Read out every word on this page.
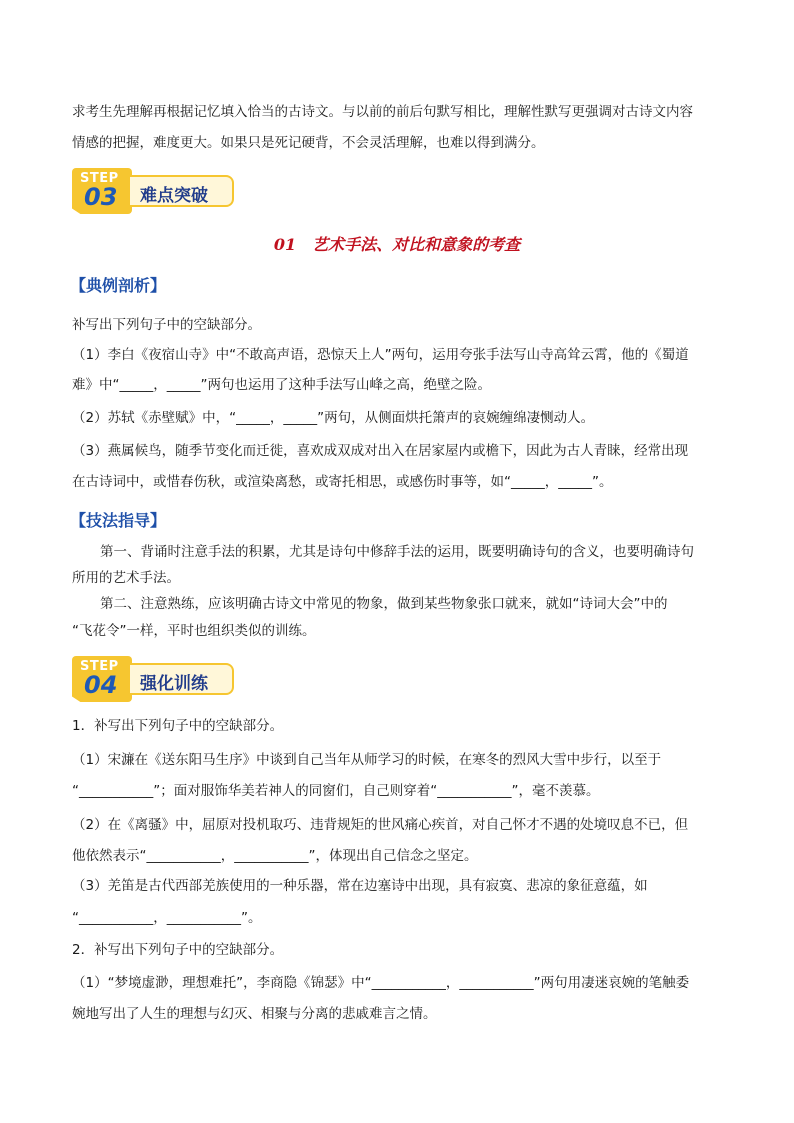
求考生先理解再根据记忆填入恰当的古诗文。与以前的前后句默写相比，理解性默写更强调对古诗文内容
情感的把握，难度更大。如果只是死记硬背，不会灵活理解，也难以得到满分。
STEP
03 难点突破
01　艺术手法、对比和意象的考查
【典例剖析】
补写出下列句子中的空缺部分。
（1）李白《夜宿山寺》中“不敢高声语，恐惊天上人”两句，运用夸张手法写山寺高耸云霄，他的《蜀道
难》中“_____，_____”两句也运用了这种手法写山峰之高，绝壁之险。
（2）苏轼《赤壁赋》中，“_____，_____”两句，从侧面烘托箫声的哀婉缠绵凄恻动人。
（3）燕属候鸟，随季节变化而迁徙，喜欢成双成对出入在居家屋内或檐下，因此为古人青睐，经常出现
在古诗词中，或惜春伤秋，或渲染离愁，或寄托相思，或感伤时事等，如“_____，_____”。
【技法指导】
第一、背诵时注意手法的积累，尤其是诗句中修辞手法的运用，既要明确诗句的含义，也要明确诗句
所用的艺术手法。
第二、注意熟练，应该明确古诗文中常见的物象，做到某些物象张口就来，就如“诗词大会”中的
“飞花令”一样，平时也组织类似的训练。
STEP
04 强化训练
1．补写出下列句子中的空缺部分。
（1）宋濂在《送东阳马生序》中谈到自己当年从师学习的时候，在寒冬的烈风大雪中步行，以至于
“___________”；面对服饰华美若神人的同窗们，自己则穿着“___________”，毫不羡慕。
（2）在《离骚》中，屈原对投机取巧、违背规矩的世风痛心疾首，对自己怀才不遇的处境叹息不已，但
他依然表示“___________，___________”，体现出自己信念之坚定。
（3）羌笛是古代西部羌族使用的一种乐器，常在边塞诗中出现，具有寂寞、悲凉的象征意蕴，如
“___________，___________”。
2．补写出下列句子中的空缺部分。
（1）“梦境虚渺，理想难托”，李商隐《锦瑟》中“___________，___________”两句用凄迷哀婉的笔触委
婉地写出了人生的理想与幻灭、相聚与分离的悲戚难言之情。
